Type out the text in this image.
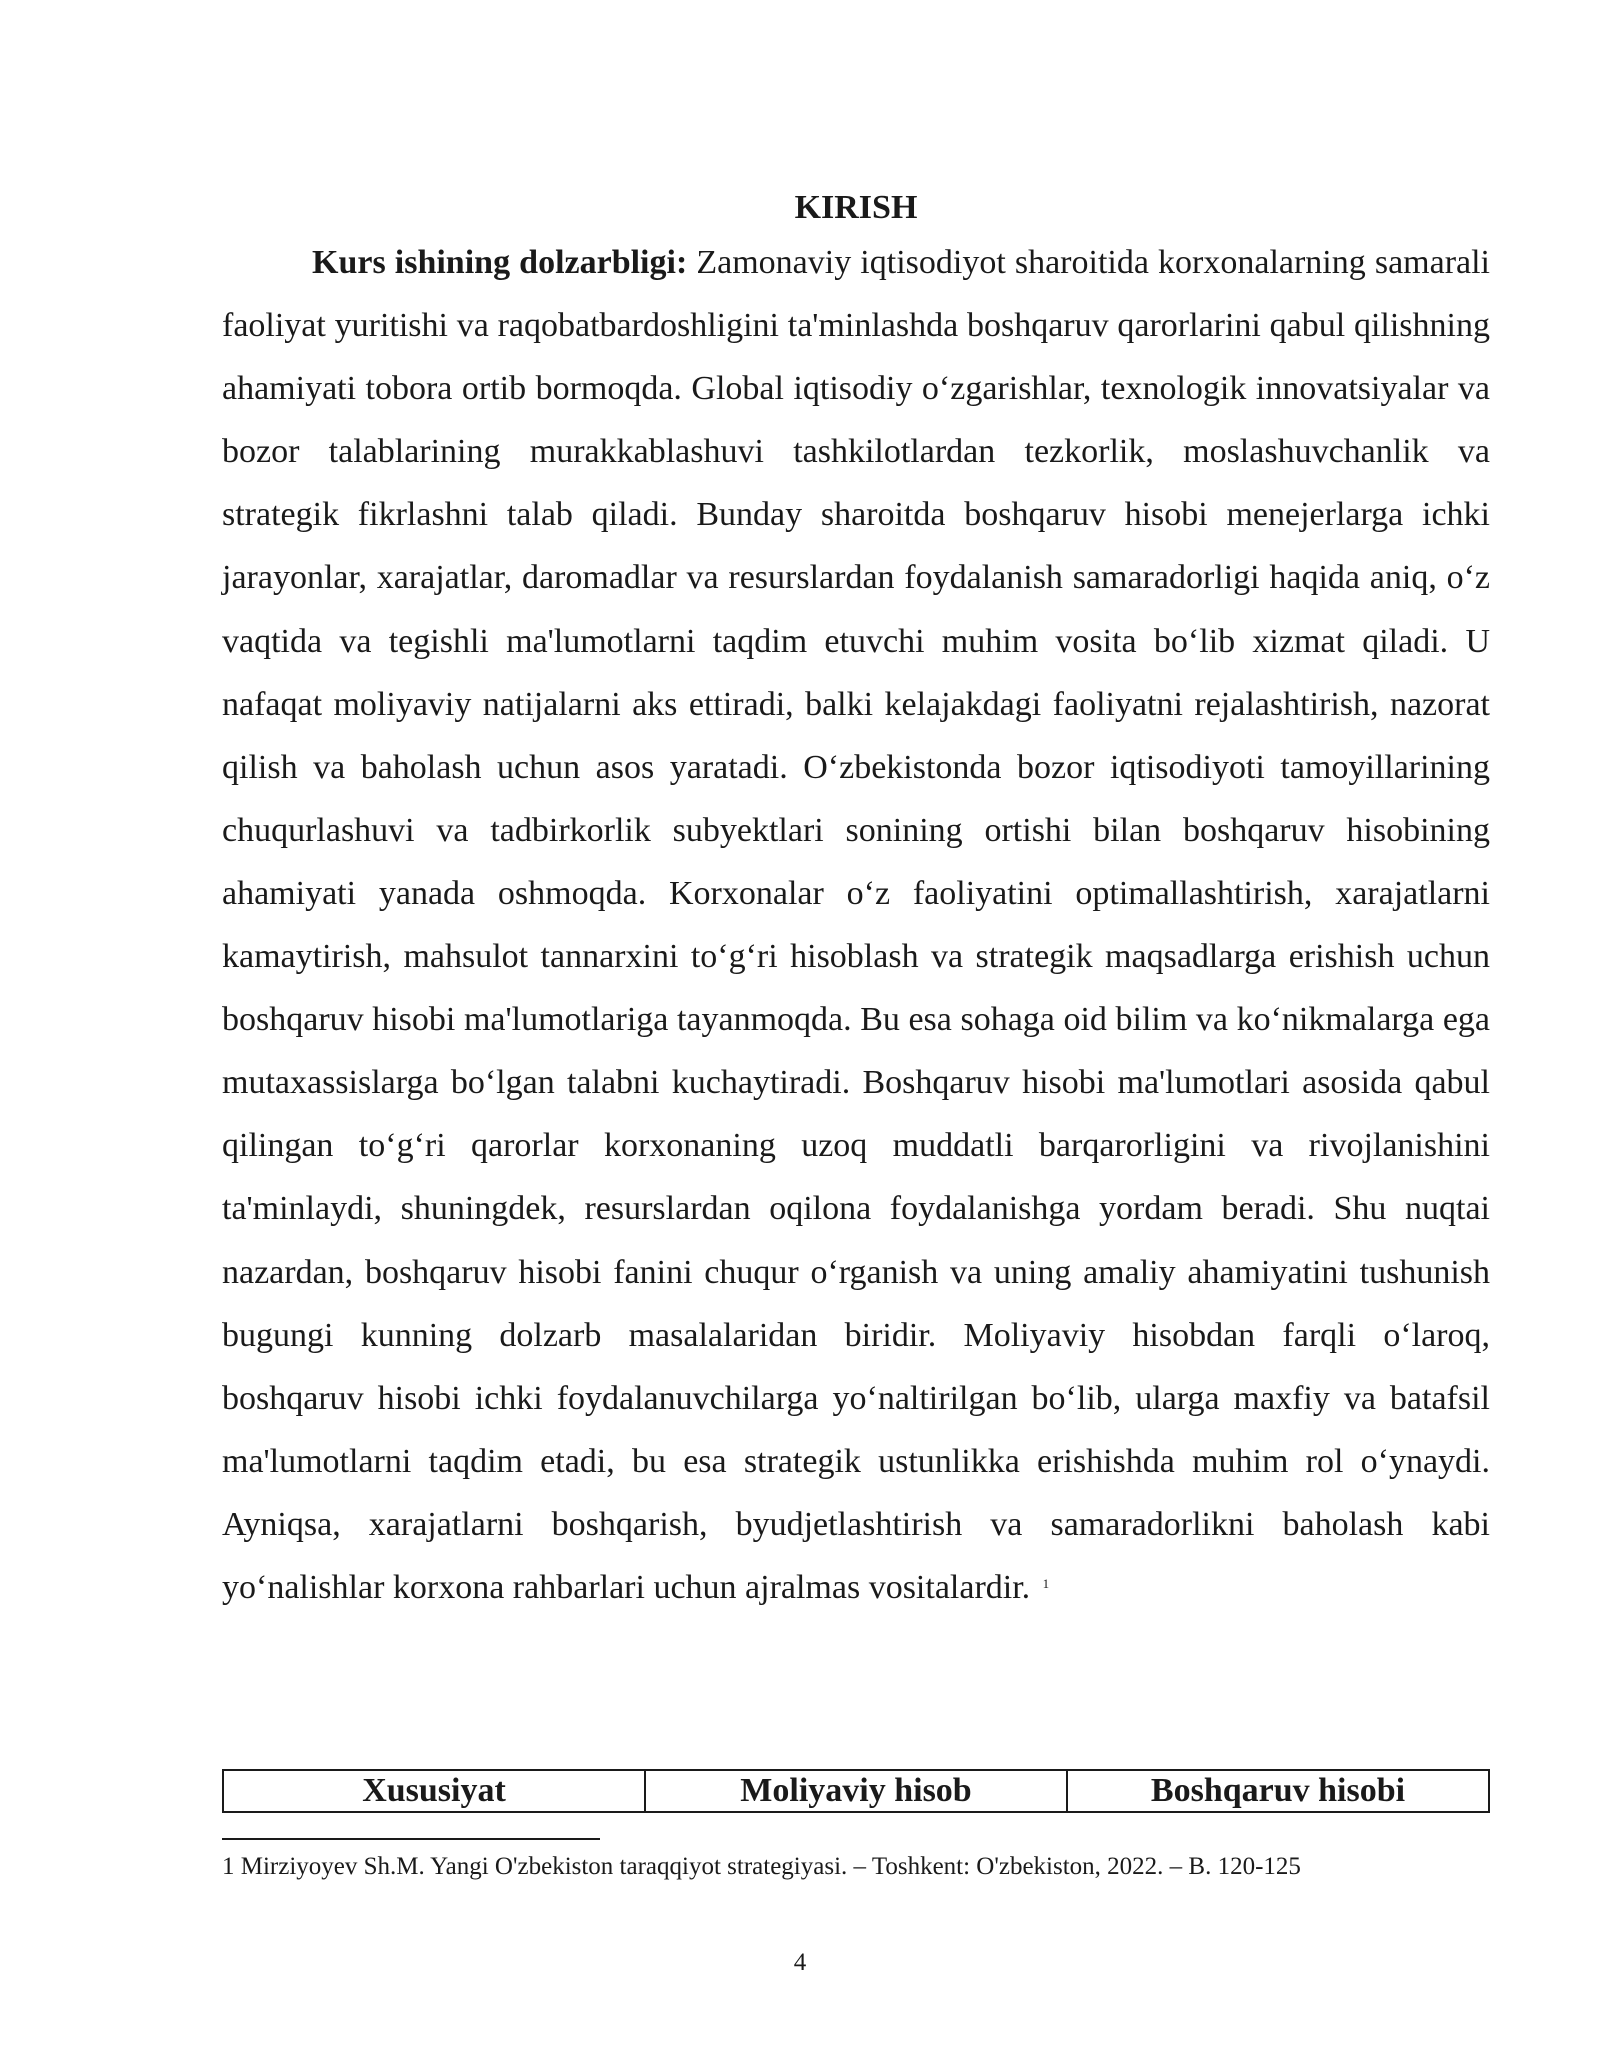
KIRISH

Kurs ishining dolzarbligi: Zamonaviy iqtisodiyot sharoitida korxonalarning samarali faoliyat yuritishi va raqobatbardoshligini ta'minlashda boshqaruv qarorlarini qabul qilishning ahamiyati tobora ortib bormoqda. Global iqtisodiy o‘zgarishlar, texnologik innovatsiyalar va bozor talablarining murakkablashuvi tashkilotlardan tezkorlik, moslashuvchanlik va strategik fikrlashni talab qiladi. Bunday sharoitda boshqaruv hisobi menejerlarga ichki jarayonlar, xarajatlar, daromadlar va resurslardan foydalanish samaradorligi haqida aniq, o‘z vaqtida va tegishli ma'lumotlarni taqdim etuvchi muhim vosita bo‘lib xizmat qiladi. U nafaqat moliyaviy natijalarni aks ettiradi, balki kelajakdagi faoliyatni rejalashtirish, nazorat qilish va baholash uchun asos yaratadi. O‘zbekistonda bozor iqtisodiyoti tamoyillarining chuqurlashuvi va tadbirkorlik subyektlari sonining ortishi bilan boshqaruv hisobining ahamiyati yanada oshmoqda. Korxonalar o‘z faoliyatini optimallashtirish, xarajatlarni kamaytirish, mahsulot tannarxini to‘g‘ri hisoblash va strategik maqsadlarga erishish uchun boshqaruv hisobi ma'lumotlariga tayanmoqda. Bu esa sohaga oid bilim va ko‘nikmalarga ega mutaxassislarga bo‘lgan talabni kuchaytiradi. Boshqaruv hisobi ma'lumotlari asosida qabul qilingan to‘g‘ri qarorlar korxonaning uzoq muddatli barqarorligini va rivojlanishini ta'minlaydi, shuningdek, resurslardan oqilona foydalanishga yordam beradi. Shu nuqtai nazardan, boshqaruv hisobi fanini chuqur o‘rganish va uning amaliy ahamiyatini tushunish bugungi kunning dolzarb masalalaridan biridir. Moliyaviy hisobdan farqli o‘laroq, boshqaruv hisobi ichki foydalanuvchilarga yo‘naltirilgan bo‘lib, ularga maxfiy va batafsil ma'lumotlarni taqdim etadi, bu esa strategik ustunlikka erishishda muhim rol o‘ynaydi. Ayniqsa, xarajatlarni boshqarish, byudjetlashtirish va samaradorlikni baholash kabi yo‘nalishlar korxona rahbarlari uchun ajralmas vositalardir. $^1$

Xususiyat	Moliyaviy hisob	Boshqaruv hisobi

1 Mirziyoyev Sh.M. Yangi O'zbekiston taraqqiyot strategiyasi. – Toshkent: O'zbekiston, 2022. – B. 120-125

4
